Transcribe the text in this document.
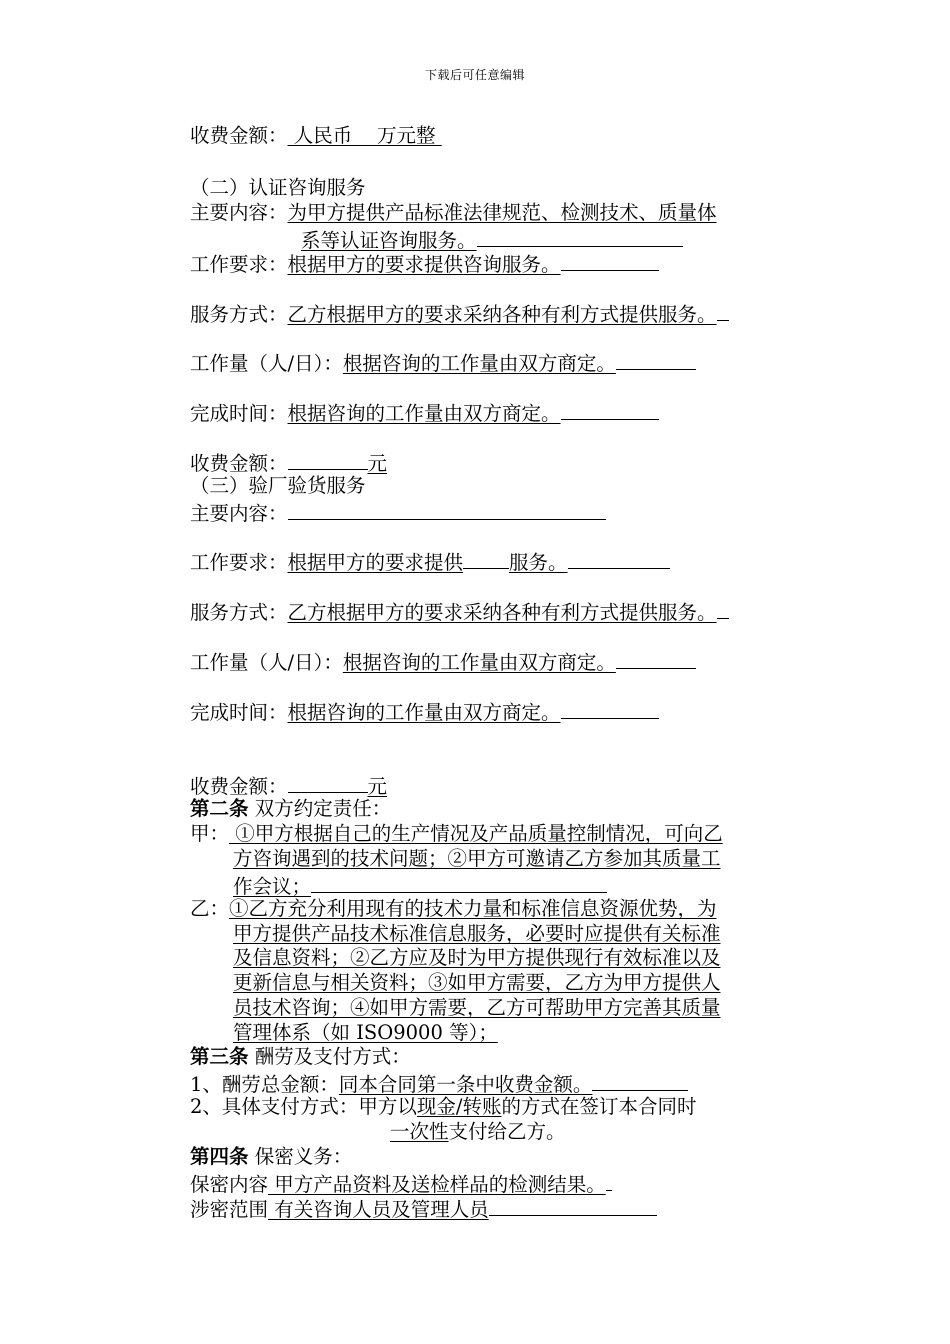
下载后可任意编辑
收费金额： 人民币    万元整
（二）认证咨询服务
主要内容：为甲方提供产品标准法律规范、检测技术、质量体
系等认证咨询服务。
工作要求：根据甲方的要求提供咨询服务。
服务方式：乙方根据甲方的要求采纳各种有利方式提供服务。
工作量（人/日）：根据咨询的工作量由双方商定。
完成时间：根据咨询的工作量由双方商定。
收费金额：	元
（三）验厂验货服务
主要内容：
工作要求：根据甲方的要求提供 服务。
服务方式：乙方根据甲方的要求采纳各种有利方式提供服务。
工作量（人/日）：根据咨询的工作量由双方商定。
完成时间：根据咨询的工作量由双方商定。
收费金额：	元
第二条 双方约定责任：
甲： ①甲方根据自己的生产情况及产品质量控制情况，可向乙
方咨询遇到的技术问题；②甲方可邀请乙方参加其质量工
作会议；
乙：①乙方充分利用现有的技术力量和标准信息资源优势，为
甲方提供产品技术标准信息服务，必要时应提供有关标准
及信息资料；②乙方应及时为甲方提供现行有效标准以及
更新信息与相关资料；③如甲方需要，乙方为甲方提供人
员技术咨询；④如甲方需要，乙方可帮助甲方完善其质量
管理体系（如 ISO9000 等）；
第三条 酬劳及支付方式：
1、酬劳总金额：同本合同第一条中收费金额。
2、具体支付方式：甲方以现金/转账的方式在签订本合同时
一次性支付给乙方。
第四条 保密义务：
保密内容 甲方产品资料及送检样品的检测结果。
涉密范围 有关咨询人员及管理人员
